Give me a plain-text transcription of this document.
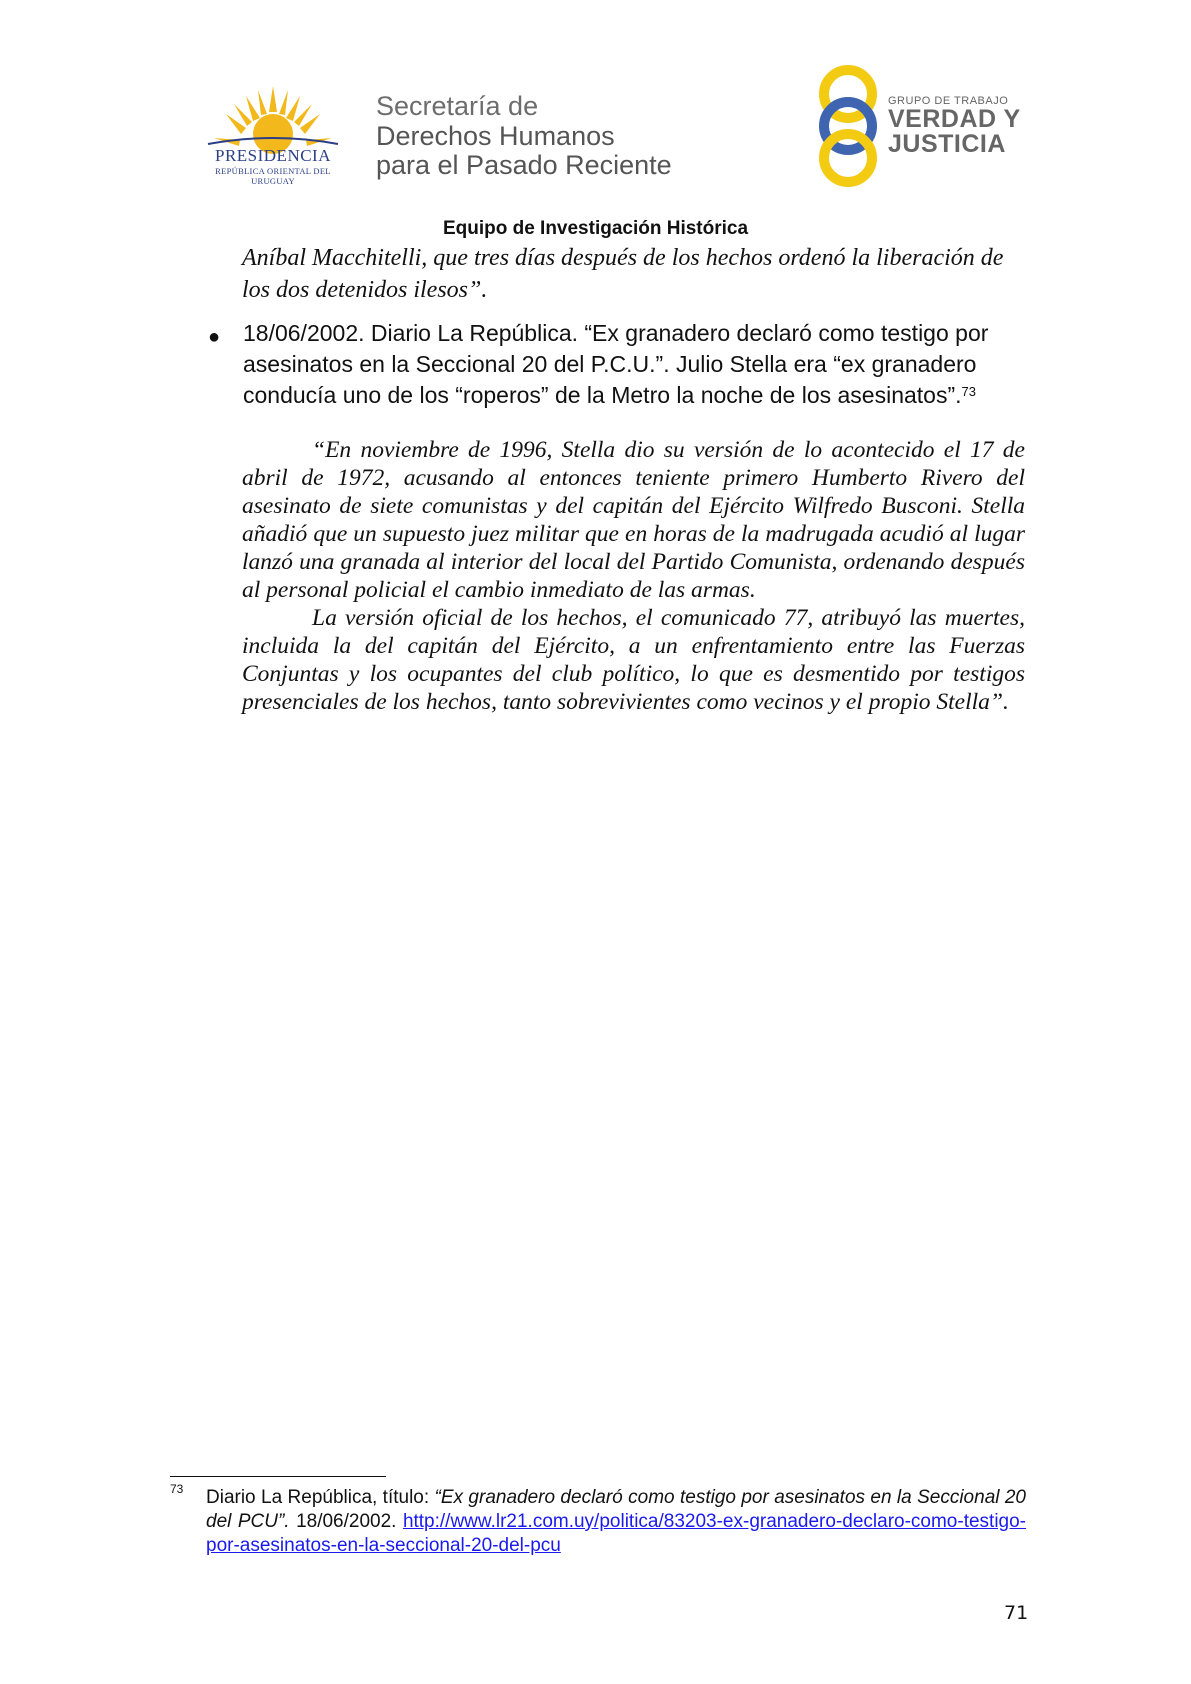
PRESIDENCIA
REPÚBLICA ORIENTAL DEL URUGUAY
Secretaría de
Derechos Humanos
para el Pasado Reciente
GRUPO DE TRABAJO
VERDAD Y
JUSTICIA
Equipo de Investigación Histórica
Aníbal Macchitelli, que tres días después de los hechos ordenó la liberación de los dos detenidos ilesos”.
● 18/06/2002. Diario La República. “Ex granadero declaró como testigo por asesinatos en la Seccional 20 del P.C.U.”. Julio Stella era “ex granadero conducía uno de los “roperos” de la Metro la noche de los asesinatos”.$^{73}$

“En noviembre de 1996, Stella dio su versión de lo acontecido el 17 de abril de 1972, acusando al entonces teniente primero Humberto Rivero del asesinato de siete comunistas y del capitán del Ejército Wilfredo Busconi. Stella añadió que un supuesto juez militar que en horas de la madrugada acudió al lugar lanzó una granada al interior del local del Partido Comunista, ordenando después al personal policial el cambio inmediato de las armas.

La versión oficial de los hechos, el comunicado 77, atribuyó las muertes, incluida la del capitán del Ejército, a un enfrentamiento entre las Fuerzas Conjuntas y los ocupantes del club político, lo que es desmentido por testigos presenciales de los hechos, tanto sobrevivientes como vecinos y el propio Stella”.

73 Diario La República, título: “Ex granadero declaró como testigo por asesinatos en la Seccional 20 del PCU”. 18/06/2002. http://www.lr21.com.uy/politica/83203-ex-granadero-declaro-como-testigo-por-asesinatos-en-la-seccional-20-del-pcu
71
